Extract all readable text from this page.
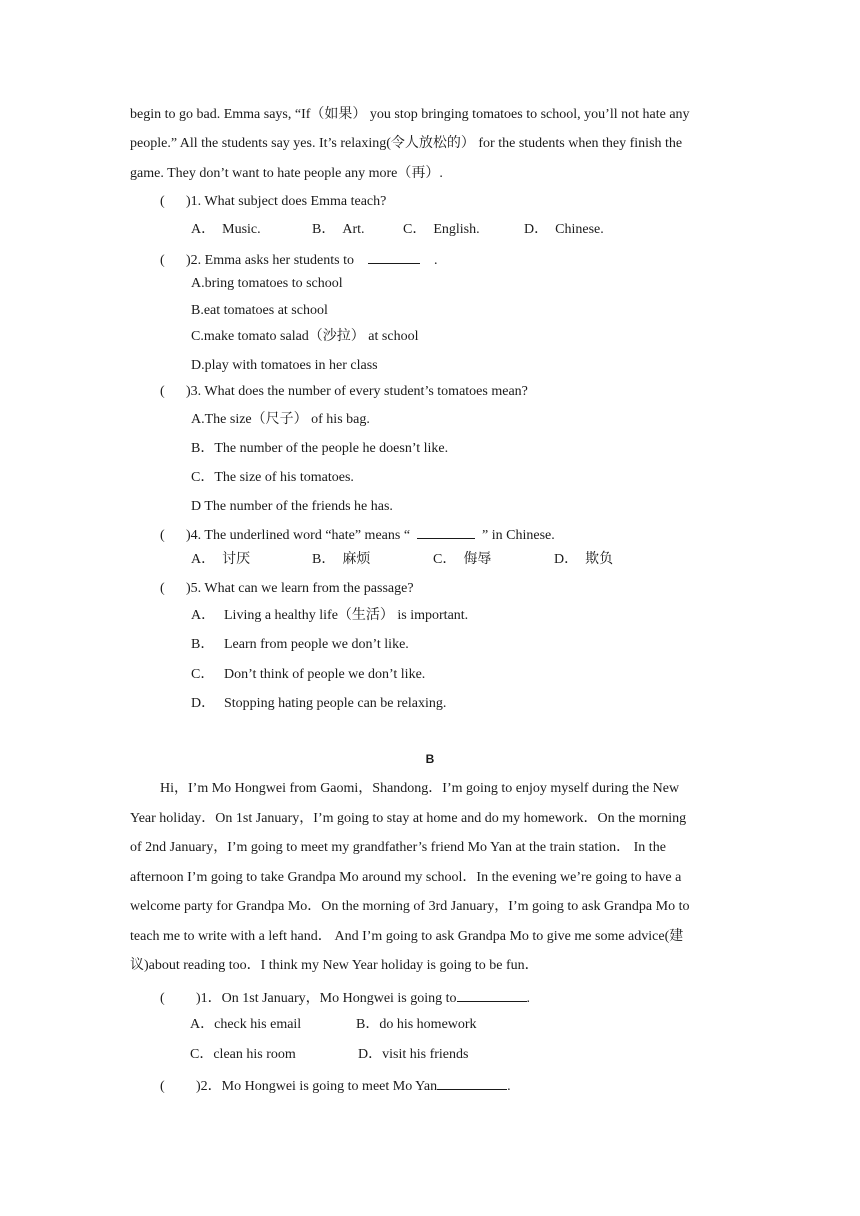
begin to go bad. Emma says, “If（如果） you stop bringing tomatoes to school, you’ll not hate any
people.” All the students say yes. It’s relaxing(令人放松的） for the students when they finish the
game. They don’t want to hate people any more（再）.
( )1. What subject does Emma teach?
A． Music.	B． Art.	C． English.	D． Chinese.
( )2. Emma asks her students to	.
A.bring tomatoes to school
B.eat tomatoes at school
C.make tomato salad（沙拉） at school
D.play with tomatoes in her class
( )3. What does the number of every student’s tomatoes mean?
A.The size（尺子） of his bag.
B．The number of the people he doesn’t like.
C．The size of his tomatoes.
D The number of the friends he has.
( )4. The underlined word “hate” means “	” in Chinese.
A． 讨厌	B． 麻烦	C． 侮辱	D． 欺负
( )5. What can we learn from the passage?
A． Living a healthy life（生活） is important.
B． Learn from people we don’t like.
C． Don’t think of people we don’t like.
D． Stopping hating people can be relaxing.
B
Hi，I’m Mo Hongwei from Gaomi，Shandong．I’m going to enjoy myself during the New
Year holiday．On 1st January，I’m going to stay at home and do my homework．On the morning
of 2nd January，I’m going to meet my grandfather’s friend Mo Yan at the train station． In the
afternoon I’m going to take Grandpa Mo around my school．In the evening we’re going to have a
welcome party for Grandpa Mo．On the morning of 3rd January，I’m going to ask Grandpa Mo to
teach me to write with a left hand． And I’m going to ask Grandpa Mo to give me some advice(建
议)about reading too．I think my New Year holiday is going to be fun．
( )1．On 1st January，Mo Hongwei is going to	.
A．check his email	B．do his homework
C．clean his room	D．visit his friends
( )2．Mo Hongwei is going to meet Mo Yan	.
